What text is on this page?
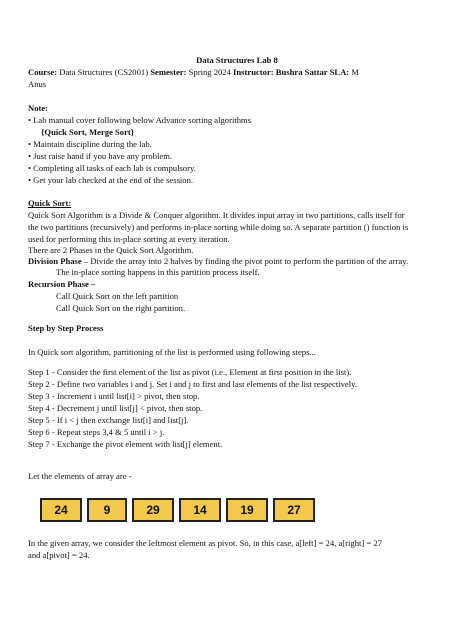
Data Structures Lab 8
Course: Data Structures (CS2001) Semester: Spring 2024 Instructor: Bushra Sattar SLA: M
Anus
Note:
• Lab manual cover following below Advance sorting algorithms
{Quick Sort, Merge Sort}
• Maintain discipline during the lab.
• Just raise hand if you have any problem.
• Completing all tasks of each lab is compulsory.
• Get your lab checked at the end of the session.
Quick Sort:
Quick Sort Algorithm is a Divide & Conquer algorithm. It divides input array in two partitions, calls itself for
the two partitions (recursively) and performs in-place sorting while doing so. A separate partition () function is
used for performing this in-place sorting at every iteration.
There are 2 Phases in the Quick Sort Algorithm.
Division Phase – Divide the array into 2 halves by finding the pivot point to perform the partition of the array.
The in-place sorting happens in this partition process itself.
Recursion Phase –
Call Quick Sort on the left partition
Call Quick Sort on the right partition.
Step by Step Process
In Quick sort algorithm, partitioning of the list is performed using following steps...
Step 1 - Consider the first element of the list as pivot (i.e., Element at first position in the list).
Step 2 - Define two variables i and j. Set i and j to first and last elements of the list respectively.
Step 3 - Increment i until list[i] > pivot, then stop.
Step 4 - Decrement j until list[j] < pivot, then stop.
Step 5 - If i < j then exchange list[i] and list[j].
Step 6 - Repeat steps 3,4 & 5 until i > j.
Step 7 - Exchange the pivot element with list[j] element.
Let the elements of array are -
24	9	29	14	19	27
In the given array, we consider the leftmost element as pivot. So, in this case, a[left] = 24, a[right] = 27
and a[pivot] = 24.
